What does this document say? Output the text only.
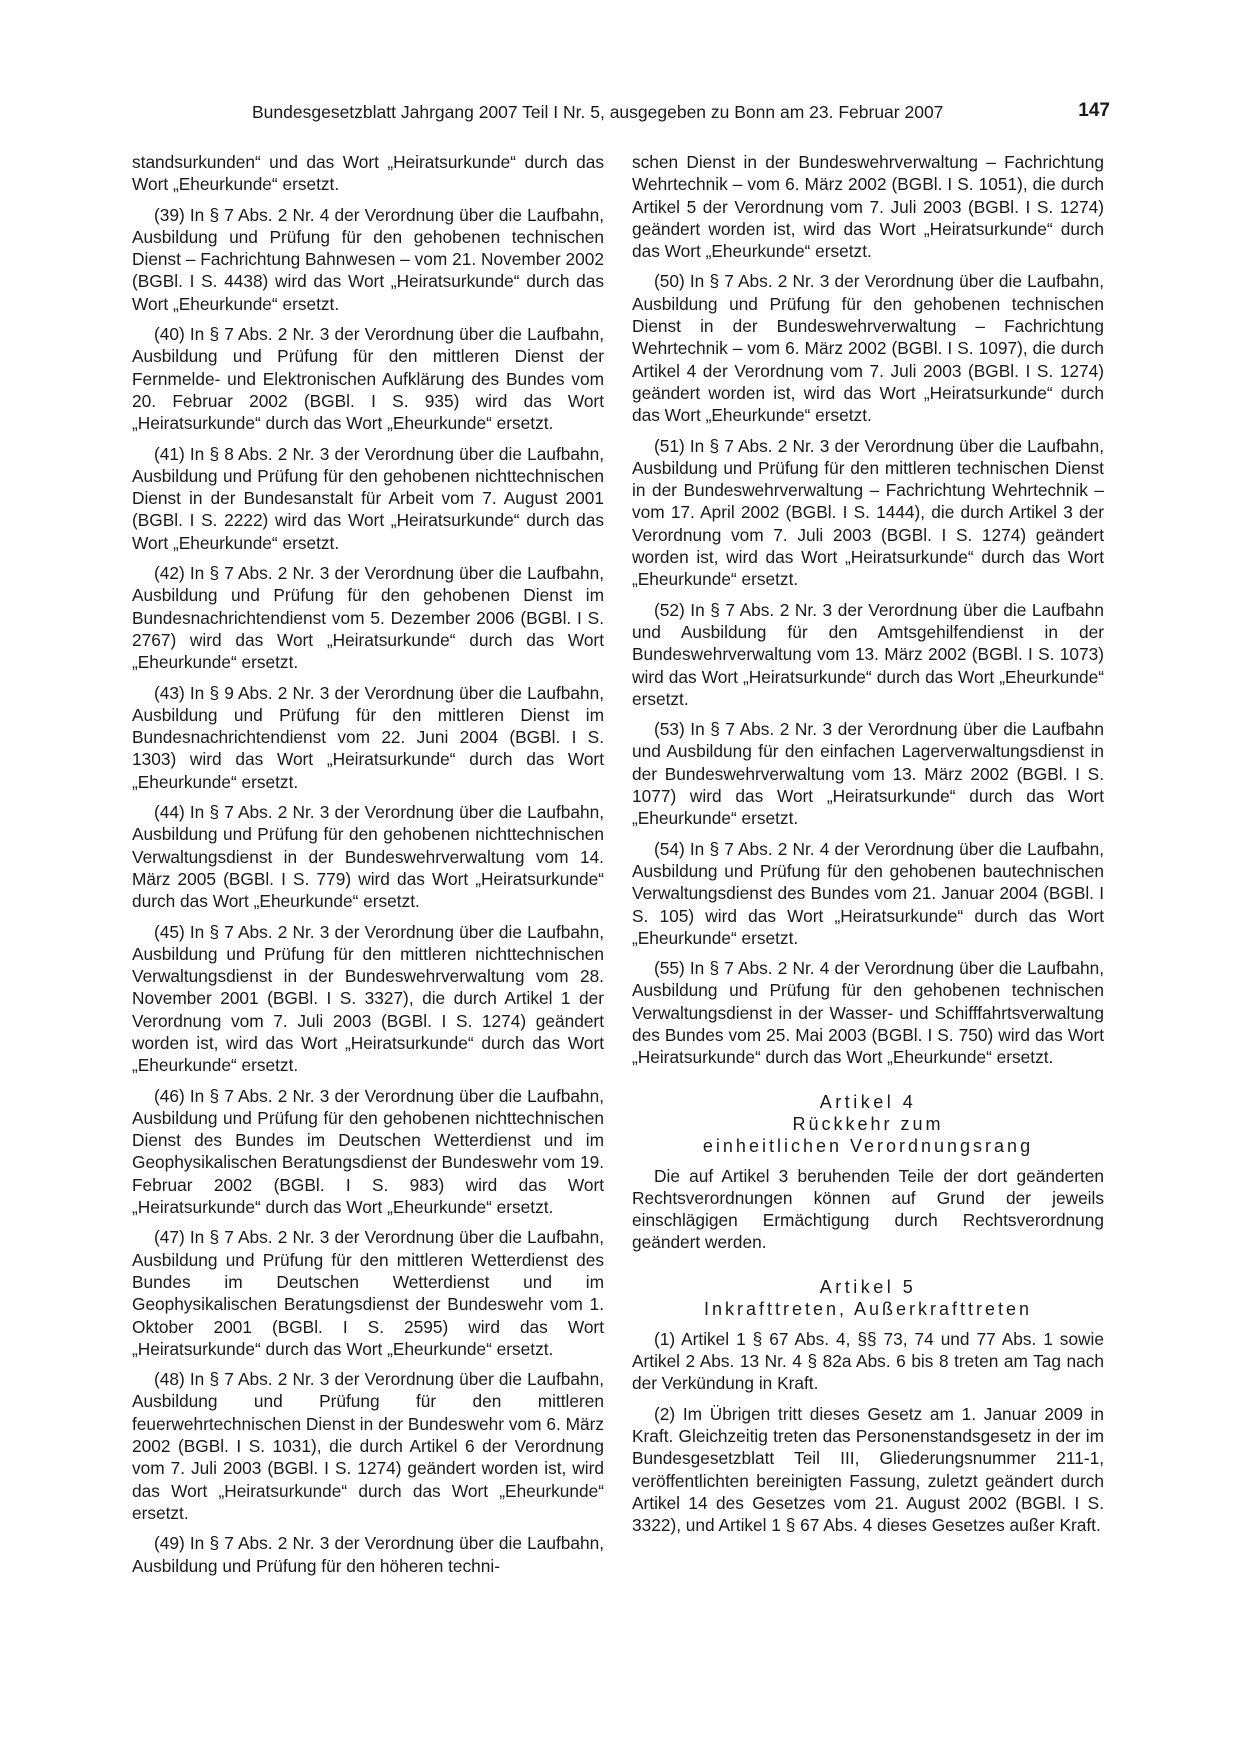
Bundesgesetzblatt Jahrgang 2007 Teil I Nr. 5, ausgegeben zu Bonn am 23. Februar 2007	147

standsurkunden“ und das Wort „Heiratsurkunde“ durch das Wort „Eheurkunde“ ersetzt.

(39) In § 7 Abs. 2 Nr. 4 der Verordnung über die Laufbahn, Ausbildung und Prüfung für den gehobenen technischen Dienst – Fachrichtung Bahnwesen – vom 21. November 2002 (BGBl. I S. 4438) wird das Wort „Heiratsurkunde“ durch das Wort „Eheurkunde“ ersetzt.

(40) In § 7 Abs. 2 Nr. 3 der Verordnung über die Laufbahn, Ausbildung und Prüfung für den mittleren Dienst der Fernmelde- und Elektronischen Aufklärung des Bundes vom 20. Februar 2002 (BGBl. I S. 935) wird das Wort „Heiratsurkunde“ durch das Wort „Eheurkunde“ ersetzt.

(41) In § 8 Abs. 2 Nr. 3 der Verordnung über die Laufbahn, Ausbildung und Prüfung für den gehobenen nichttechnischen Dienst in der Bundesanstalt für Arbeit vom 7. August 2001 (BGBl. I S. 2222) wird das Wort „Heiratsurkunde“ durch das Wort „Eheurkunde“ ersetzt.

(42) In § 7 Abs. 2 Nr. 3 der Verordnung über die Laufbahn, Ausbildung und Prüfung für den gehobenen Dienst im Bundesnachrichtendienst vom 5. Dezember 2006 (BGBl. I S. 2767) wird das Wort „Heiratsurkunde“ durch das Wort „Eheurkunde“ ersetzt.

(43) In § 9 Abs. 2 Nr. 3 der Verordnung über die Laufbahn, Ausbildung und Prüfung für den mittleren Dienst im Bundesnachrichtendienst vom 22. Juni 2004 (BGBl. I S. 1303) wird das Wort „Heiratsurkunde“ durch das Wort „Eheurkunde“ ersetzt.

(44) In § 7 Abs. 2 Nr. 3 der Verordnung über die Laufbahn, Ausbildung und Prüfung für den gehobenen nichttechnischen Verwaltungsdienst in der Bundeswehrverwaltung vom 14. März 2005 (BGBl. I S. 779) wird das Wort „Heiratsurkunde“ durch das Wort „Eheurkunde“ ersetzt.

(45) In § 7 Abs. 2 Nr. 3 der Verordnung über die Laufbahn, Ausbildung und Prüfung für den mittleren nichttechnischen Verwaltungsdienst in der Bundeswehrverwaltung vom 28. November 2001 (BGBl. I S. 3327), die durch Artikel 1 der Verordnung vom 7. Juli 2003 (BGBl. I S. 1274) geändert worden ist, wird das Wort „Heiratsurkunde“ durch das Wort „Eheurkunde“ ersetzt.

(46) In § 7 Abs. 2 Nr. 3 der Verordnung über die Laufbahn, Ausbildung und Prüfung für den gehobenen nichttechnischen Dienst des Bundes im Deutschen Wetterdienst und im Geophysikalischen Beratungsdienst der Bundeswehr vom 19. Februar 2002 (BGBl. I S. 983) wird das Wort „Heiratsurkunde“ durch das Wort „Eheurkunde“ ersetzt.

(47) In § 7 Abs. 2 Nr. 3 der Verordnung über die Laufbahn, Ausbildung und Prüfung für den mittleren Wetterdienst des Bundes im Deutschen Wetterdienst und im Geophysikalischen Beratungsdienst der Bundeswehr vom 1. Oktober 2001 (BGBl. I S. 2595) wird das Wort „Heiratsurkunde“ durch das Wort „Eheurkunde“ ersetzt.

(48) In § 7 Abs. 2 Nr. 3 der Verordnung über die Laufbahn, Ausbildung und Prüfung für den mittleren feuerwehrtechnischen Dienst in der Bundeswehr vom 6. März 2002 (BGBl. I S. 1031), die durch Artikel 6 der Verordnung vom 7. Juli 2003 (BGBl. I S. 1274) geändert worden ist, wird das Wort „Heiratsurkunde“ durch das Wort „Eheurkunde“ ersetzt.

(49) In § 7 Abs. 2 Nr. 3 der Verordnung über die Laufbahn, Ausbildung und Prüfung für den höheren techni-

schen Dienst in der Bundeswehrverwaltung – Fachrichtung Wehrtechnik – vom 6. März 2002 (BGBl. I S. 1051), die durch Artikel 5 der Verordnung vom 7. Juli 2003 (BGBl. I S. 1274) geändert worden ist, wird das Wort „Heiratsurkunde“ durch das Wort „Eheurkunde“ ersetzt.

(50) In § 7 Abs. 2 Nr. 3 der Verordnung über die Laufbahn, Ausbildung und Prüfung für den gehobenen technischen Dienst in der Bundeswehrverwaltung – Fachrichtung Wehrtechnik – vom 6. März 2002 (BGBl. I S. 1097), die durch Artikel 4 der Verordnung vom 7. Juli 2003 (BGBl. I S. 1274) geändert worden ist, wird das Wort „Heiratsurkunde“ durch das Wort „Eheurkunde“ ersetzt.

(51) In § 7 Abs. 2 Nr. 3 der Verordnung über die Laufbahn, Ausbildung und Prüfung für den mittleren technischen Dienst in der Bundeswehrverwaltung – Fachrichtung Wehrtechnik – vom 17. April 2002 (BGBl. I S. 1444), die durch Artikel 3 der Verordnung vom 7. Juli 2003 (BGBl. I S. 1274) geändert worden ist, wird das Wort „Heiratsurkunde“ durch das Wort „Eheurkunde“ ersetzt.

(52) In § 7 Abs. 2 Nr. 3 der Verordnung über die Laufbahn und Ausbildung für den Amtsgehilfendienst in der Bundeswehrverwaltung vom 13. März 2002 (BGBl. I S. 1073) wird das Wort „Heiratsurkunde“ durch das Wort „Eheurkunde“ ersetzt.

(53) In § 7 Abs. 2 Nr. 3 der Verordnung über die Laufbahn und Ausbildung für den einfachen Lagerverwaltungsdienst in der Bundeswehrverwaltung vom 13. März 2002 (BGBl. I S. 1077) wird das Wort „Heiratsurkunde“ durch das Wort „Eheurkunde“ ersetzt.

(54) In § 7 Abs. 2 Nr. 4 der Verordnung über die Laufbahn, Ausbildung und Prüfung für den gehobenen bautechnischen Verwaltungsdienst des Bundes vom 21. Januar 2004 (BGBl. I S. 105) wird das Wort „Heiratsurkunde“ durch das Wort „Eheurkunde“ ersetzt.

(55) In § 7 Abs. 2 Nr. 4 der Verordnung über die Laufbahn, Ausbildung und Prüfung für den gehobenen technischen Verwaltungsdienst in der Wasser- und Schifffahrtsverwaltung des Bundes vom 25. Mai 2003 (BGBl. I S. 750) wird das Wort „Heiratsurkunde“ durch das Wort „Eheurkunde“ ersetzt.

Artikel 4
Rückkehr zum
einheitlichen Verordnungsrang

Die auf Artikel 3 beruhenden Teile der dort geänderten Rechtsverordnungen können auf Grund der jeweils einschlägigen Ermächtigung durch Rechtsverordnung geändert werden.

Artikel 5
Inkrafttreten, Außerkrafttreten

(1) Artikel 1 § 67 Abs. 4, §§ 73, 74 und 77 Abs. 1 sowie Artikel 2 Abs. 13 Nr. 4 § 82a Abs. 6 bis 8 treten am Tag nach der Verkündung in Kraft.

(2) Im Übrigen tritt dieses Gesetz am 1. Januar 2009 in Kraft. Gleichzeitig treten das Personenstandsgesetz in der im Bundesgesetzblatt Teil III, Gliederungsnummer 211-1, veröffentlichten bereinigten Fassung, zuletzt geändert durch Artikel 14 des Gesetzes vom 21. August 2002 (BGBl. I S. 3322), und Artikel 1 § 67 Abs. 4 dieses Gesetzes außer Kraft.
